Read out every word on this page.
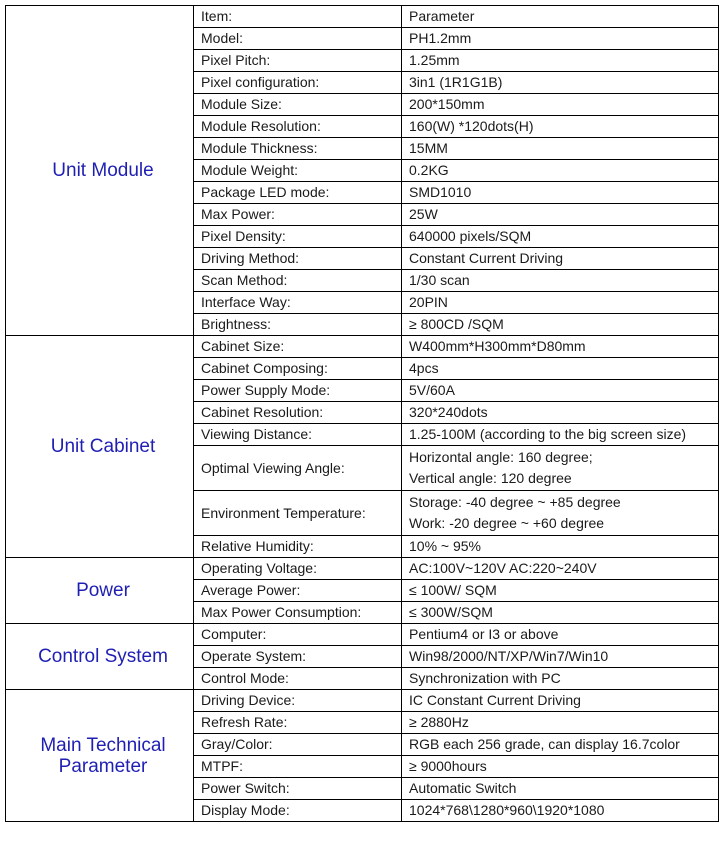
Unit Module	Item:	Parameter

	Model:	PH1.2mm

	Pixel Pitch:	1.25mm

	Pixel configuration:	3in1 (1R1G1B)

	Module Size:	200*150mm

	Module Resolution:	160(W) *120dots(H)

	Module Thickness:	15MM

	Module Weight:	0.2KG

	Package LED mode:	SMD1010

	Max Power:	25W

	Pixel Density:	640000 pixels/SQM

	Driving Method:	Constant Current Driving

	Scan Method:	1/30 scan

	Interface Way:	20PIN

	Brightness:	≥ 800CD /SQM

Unit Cabinet	Cabinet Size:	W400mm*H300mm*D80mm

	Cabinet Composing:	4pcs

	Power Supply Mode:	5V/60A

	Cabinet Resolution:	320*240dots

	Viewing Distance:	1.25-100M (according to the big screen size)

	Optimal Viewing Angle:	Horizontal angle: 160 degree;
Vertical angle: 120 degree

	Environment Temperature:	Storage: -40 degree ~ +85 degree
Work: -20 degree ~ +60 degree

	Relative Humidity:	10% ~ 95%

Power	Operating Voltage:	AC:100V~120V AC:220~240V

	Average Power:	≤ 100W/ SQM

	Max Power Consumption:	≤ 300W/SQM

Control System	Computer:	Pentium4 or I3 or above

	Operate System:	Win98/2000/NT/XP/Win7/Win10

	Control Mode:	Synchronization with PC

Main Technical
Parameter	Driving Device:	IC Constant Current Driving

	Refresh Rate:	≥ 2880Hz

	Gray/Color:	RGB each 256 grade, can display 16.7color

	MTPF:	≥ 9000hours

	Power Switch:	Automatic Switch

	Display Mode:	1024*768\1280*960\1920*1080
